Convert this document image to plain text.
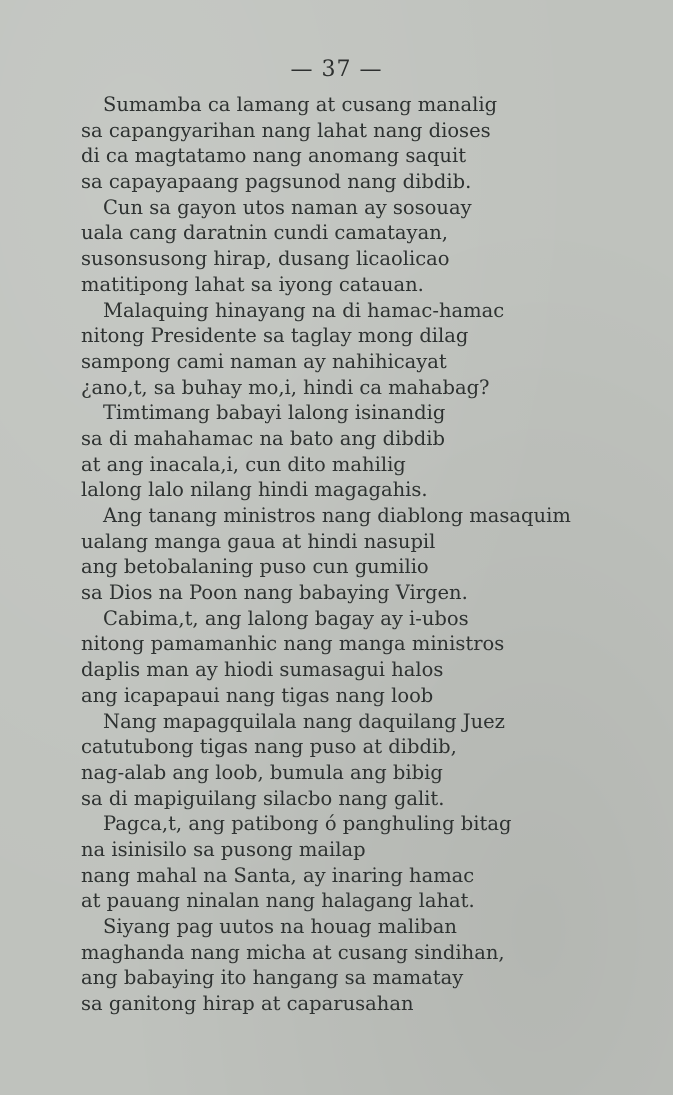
— 37 —
Sumamba ca lamang at cusang manalig
sa capangyarihan nang lahat nang dioses
di ca magtatamo nang anomang saquit
sa capayapaang pagsunod nang dibdib.
Cun sa gayon utos naman ay sosouay
uala cang daratnin cundi camatayan,
susonsusong hirap, dusang licaolicao
matitipong lahat sa iyong catauan.
Malaquing hinayang na di hamac-hamac
nitong Presidente sa taglay mong dilag
sampong cami naman ay nahihicayat
¿ano,t, sa buhay mo,i, hindi ca mahabag?
Timtimang babayi lalong isinandig
sa di mahahamac na bato ang dibdib
at ang inacala,i, cun dito mahilig
lalong lalo nilang hindi magagahis.
Ang tanang ministros nang diablong masaquim
ualang manga gaua at hindi nasupil
ang betobalaning puso cun gumilio
sa Dios na Poon nang babaying Virgen.
Cabima,t, ang lalong bagay ay i-ubos
nitong pamamanhic nang manga ministros
daplis man ay hiodi sumasagui halos
ang icapapaui nang tigas nang loob
Nang mapagquilala nang daquilang Juez
catutubong tigas nang puso at dibdib,
nag-alab ang loob, bumula ang bibig
sa di mapiguilang silacbo nang galit.
Pagca,t, ang patibong ó panghuling bitag
na isinisilo sa pusong mailap
nang mahal na Santa, ay inaring hamac
at pauang ninalan nang halagang lahat.
Siyang pag uutos na houag maliban
maghanda nang micha at cusang sindihan,
ang babaying ito hangang sa mamatay
sa ganitong hirap at caparusahan
